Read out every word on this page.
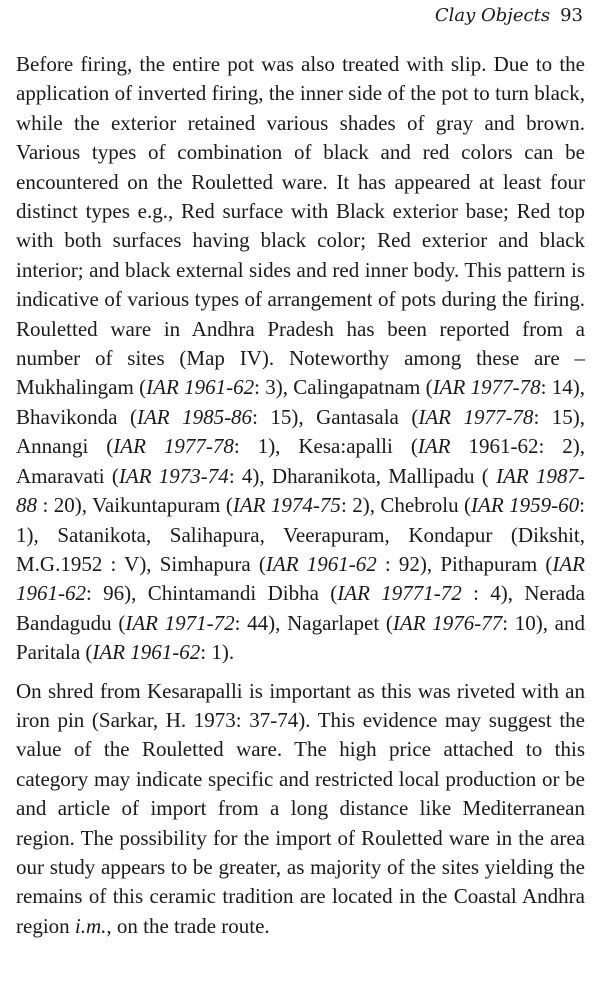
Clay Objects 93

Before firing, the entire pot was also treated with slip. Due to the application of inverted firing, the inner side of the pot to turn black, while the exterior retained various shades of gray and brown. Various types of combination of black and red colors can be encountered on the Rouletted ware. It has appeared at least four distinct types e.g., Red surface with Black exterior base; Red top with both surfaces having black color; Red exterior and black interior; and black external sides and red inner body. This pattern is indicative of various types of arrangement of pots during the firing. Rouletted ware in Andhra Pradesh has been reported from a number of sites (Map IV). Noteworthy among these are – Mukhalingam (IAR 1961-62: 3), Calingapatnam (IAR 1977-78: 14), Bhavikonda (IAR 1985-86: 15), Gantasala (IAR 1977-78: 15), Annangi (IAR 1977-78: 1), Kesa:apalli (IAR 1961-62: 2), Amaravati (IAR 1973-74: 4), Dharanikota, Mallipadu ( IAR 1987-88 : 20), Vaikuntapuram (IAR 1974-75: 2), Chebrolu (IAR 1959-60: 1), Satanikota, Salihapura, Veerapuram, Kondapur (Dikshit, M.G.1952 : V), Simhapura (IAR 1961-62 : 92), Pithapuram (IAR 1961-62: 96), Chintamandi Dibha (IAR 19771-72 : 4), Nerada Bandagudu (IAR 1971-72: 44), Nagarlapet (IAR 1976-77: 10), and Paritala (IAR 1961-62: 1).

On shred from Kesarapalli is important as this was riveted with an iron pin (Sarkar, H. 1973: 37-74). This evidence may suggest the value of the Rouletted ware. The high price attached to this category may indicate specific and restricted local production or be and article of import from a long distance like Mediterranean region. The possibility for the import of Rouletted ware in the area our study appears to be greater, as majority of the sites yielding the remains of this ceramic tradition are located in the Coastal Andhra region i.m., on the trade route.
